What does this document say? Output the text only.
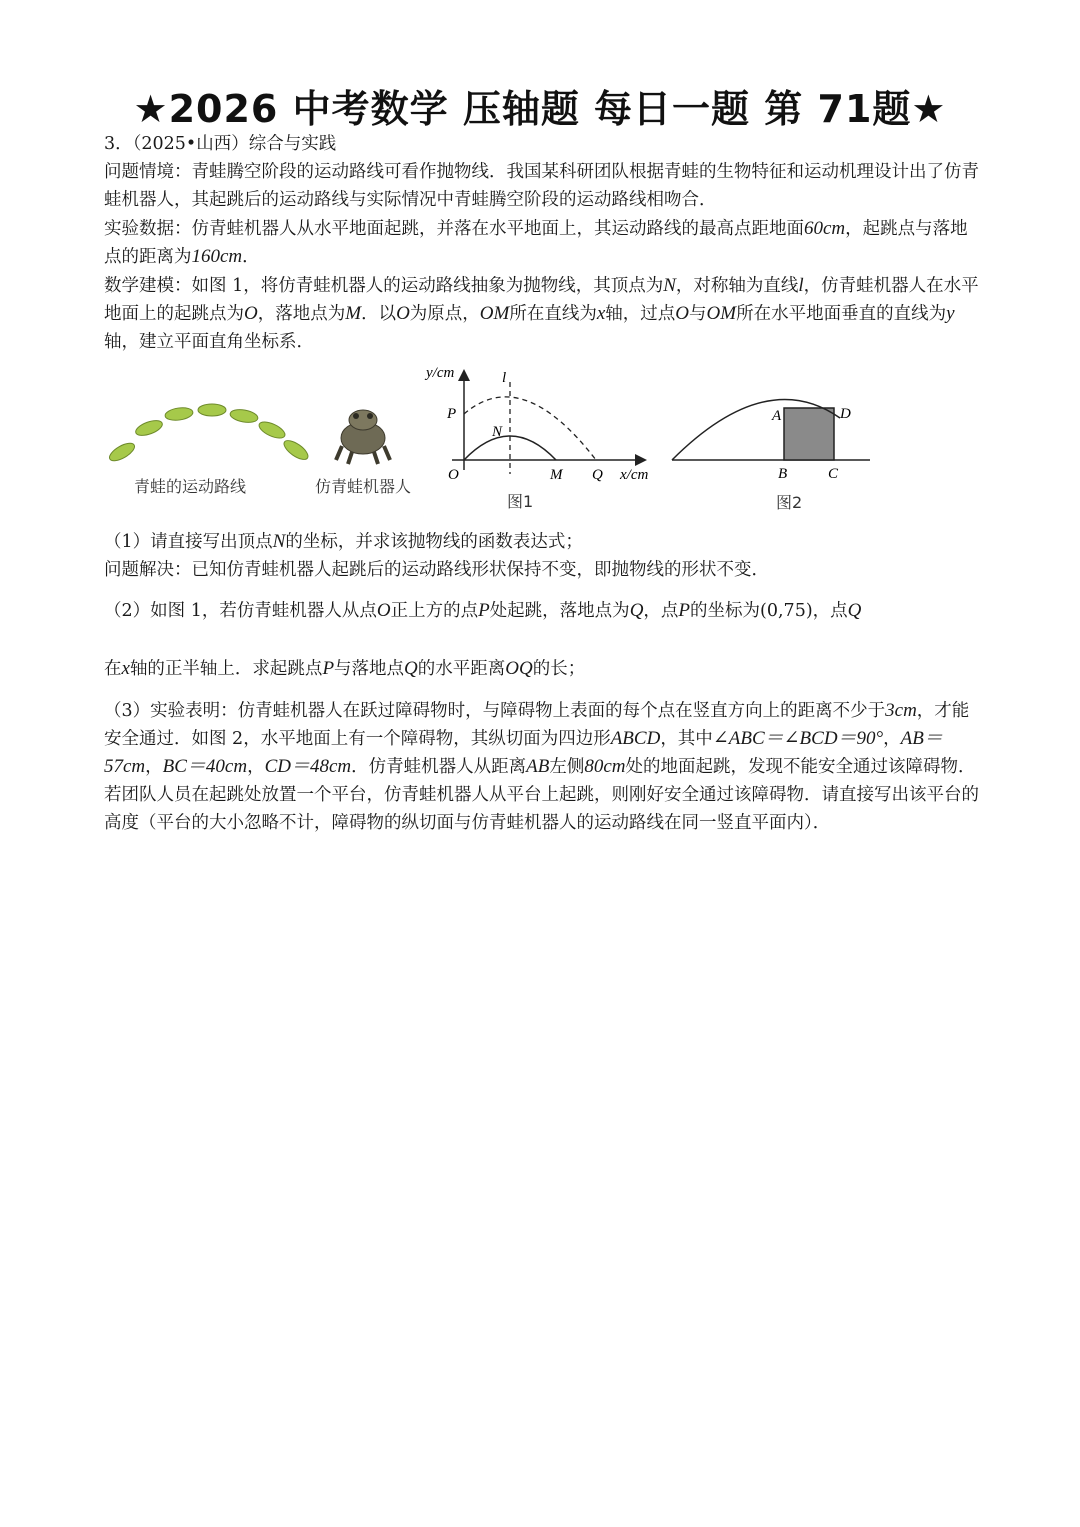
★2026 中考数学 压轴题 每日一题 第 71题★
3．（2025•山西）综合与实践
问题情境：青蛙腾空阶段的运动路线可看作抛物线．我国某科研团队根据青蛙的生物特征和运动机理设计出了仿青蛙机器人，其起跳后的运动路线与实际情况中青蛙腾空阶段的运动路线相吻合．
实验数据：仿青蛙机器人从水平地面起跳，并落在水平地面上，其运动路线的最高点距地面60cm，起跳点与落地点的距离为160cm．
数学建模：如图 1，将仿青蛙机器人的运动路线抽象为抛物线，其顶点为N，对称轴为直线l，仿青蛙机器人在水平地面上的起跳点为O，落地点为M．以O为原点，OM所在直线为x轴，过点O与OM所在水平地面垂直的直线为y轴，建立平面直角坐标系．
青蛙的运动路线	仿青蛙机器人
y/cm	l
P
N
O	M Q x/cm
图1
A	D
B	C
图2
（1）请直接写出顶点N的坐标，并求该抛物线的函数表达式；
问题解决：已知仿青蛙机器人起跳后的运动路线形状保持不变，即抛物线的形状不变．
（2）如图 1，若仿青蛙机器人从点O正上方的点P处起跳，落地点为Q，点P的坐标为(0,75)，点Q
在x轴的正半轴上．求起跳点P与落地点Q的水平距离OQ的长；
（3）实验表明：仿青蛙机器人在跃过障碍物时，与障碍物上表面的每个点在竖直方向上的距离不少于3cm，才能安全通过．如图 2，水平地面上有一个障碍物，其纵切面为四边形ABCD，其中∠ABC＝∠BCD＝90°，AB＝57cm，BC＝40cm，CD＝48cm．仿青蛙机器人从距离AB左侧80cm处的地面起跳，发现不能安全通过该障碍物．若团队人员在起跳处放置一个平台，仿青蛙机器人从平台上起跳，则刚好安全通过该障碍物．请直接写出该平台的高度（平台的大小忽略不计，障碍物的纵切面与仿青蛙机器人的运动路线在同一竖直平面内）．
